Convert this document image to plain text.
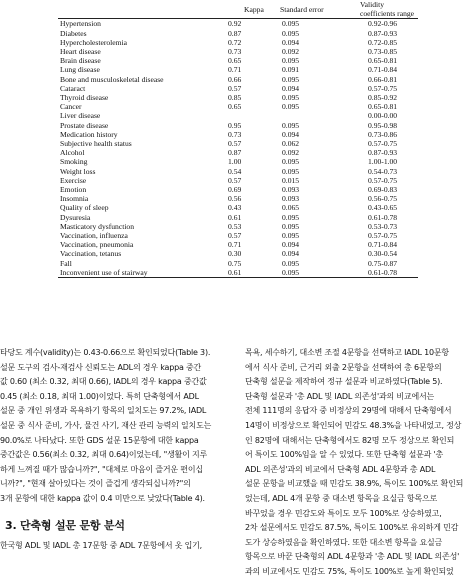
	Kappa	Standard error	Validity coefficients range
Hypertension	0.92	0.095	0.92-0.96
Diabetes	0.87	0.095	0.87-0.93
Hypercholesterolemia	0.72	0.094	0.72-0.85
Heart disease	0.73	0.092	0.73-0.85
Brain disease	0.65	0.095	0.65-0.81
Lung disease	0.71	0.091	0.71-0.84
Bone and musculoskeletal disease	0.66	0.095	0.66-0.81
Cataract	0.57	0.094	0.57-0.75
Thyroid disease	0.85	0.095	0.85-0.92
Cancer	0.65	0.095	0.65-0.81
Liver disease			0.00-0.00
Prostate disease	0.95	0.095	0.95-0.98
Medication history	0.73	0.094	0.73-0.86
Subjective health status	0.57	0.062	0.57-0.75
Alcohol	0.87	0.092	0.87-0.93
Smoking	1.00	0.095	1.00-1.00
Weight loss	0.54	0.095	0.54-0.73
Exercise	0.57	0.015	0.57-0.75
Emotion	0.69	0.093	0.69-0.83
Insomnia	0.56	0.093	0.56-0.75
Quality of sleep	0.43	0.065	0.43-0.65
Dysuresia	0.61	0.095	0.61-0.78
Masticatory dysfunction	0.53	0.095	0.53-0.73
Vaccination, influenza	0.57	0.095	0.57-0.75
Vaccination, pneumonia	0.71	0.094	0.71-0.84
Vaccination, tetanus	0.30	0.094	0.30-0.54
Fall	0.75	0.095	0.75-0.87
Inconvenient use of stairway	0.61	0.095	0.61-0.78

타당도 계수(validity)는 0.43-0.66으로 확인되었다(Table 3).

설문 도구의 검사-재검사 신뢰도는 ADL의 경우 kappa 중간

값 0.60 (최소 0.32, 최대 0.66), IADL의 경우 kappa 중간값

0.45 (최소 0.18, 최대 1.00)이었다. 특히 단축형에서 ADL

설문 중 개인 위생과 목욕하기 항목의 일치도는 97.2%, IADL

설문 중 식사 준비, 가사, 물건 사기, 재산 관리 능력의 일치도는

90.0%로 나타났다. 또한 GDS 설문 15문항에 대한 kappa

중간값은 0.56(최소 0.32, 최대 0.64)이었는데, "생활이 지루

하게 느껴질 때가 많습니까?", "대체로 마음이 즐거운 편이십

니까?", "현재 살아있다는 것이 즐겁게 생각되십니까?"의

3개 문항에 대한 kappa 값이 0.4 미만으로 낮았다(Table 4).

3. 단축형 설문 문항 분석

한국형 ADL 및 IADL 총 17문항 중 ADL 7문항에서 옷 입기,

목욕, 세수하기, 대소변 조절 4문항을 선택하고 IADL 10문항

에서 식사 준비, 근거리 외출 2문항을 선택하여 총 6문항의

단축형 설문을 제작하여 정규 설문과 비교하였다(Table 5).

단축형 설문과 '총 ADL 및 IADL 의존성'과의 비교에서는

전체 111명의 응답자 중 비정상의 29명에 대해서 단축형에서

14명이 비정상으로 확인되어 민감도 48.3%을 나타내었고, 정상

인 82명에 대해서는 단축형에서도 82명 모두 정상으로 확인되

어 특이도 100%임을 알 수 있었다. 또한 단축형 설문과 '총

ADL 의존성'과의 비교에서 단축형 ADL 4문항과 총 ADL

설문 문항을 비교했을 때 민감도 38.9%, 특이도 100%로 확인되

었는데, ADL 4개 문항 중 대소변 항목을 요실금 항목으로

바꾸었을 경우 민감도와 특이도 모두 100%로 상승하였고,

2차 설문에서도 민감도 87.5%, 특이도 100%로 유의하게 민감

도가 상승하였음을 확인하였다. 또한 대소변 항목을 요실금

항목으로 바꾼 단축형의 ADL 4문항과 '총 ADL 및 IADL 의존성'

과의 비교에서도 민감도 75%, 특이도 100%로 높게 확인되었
